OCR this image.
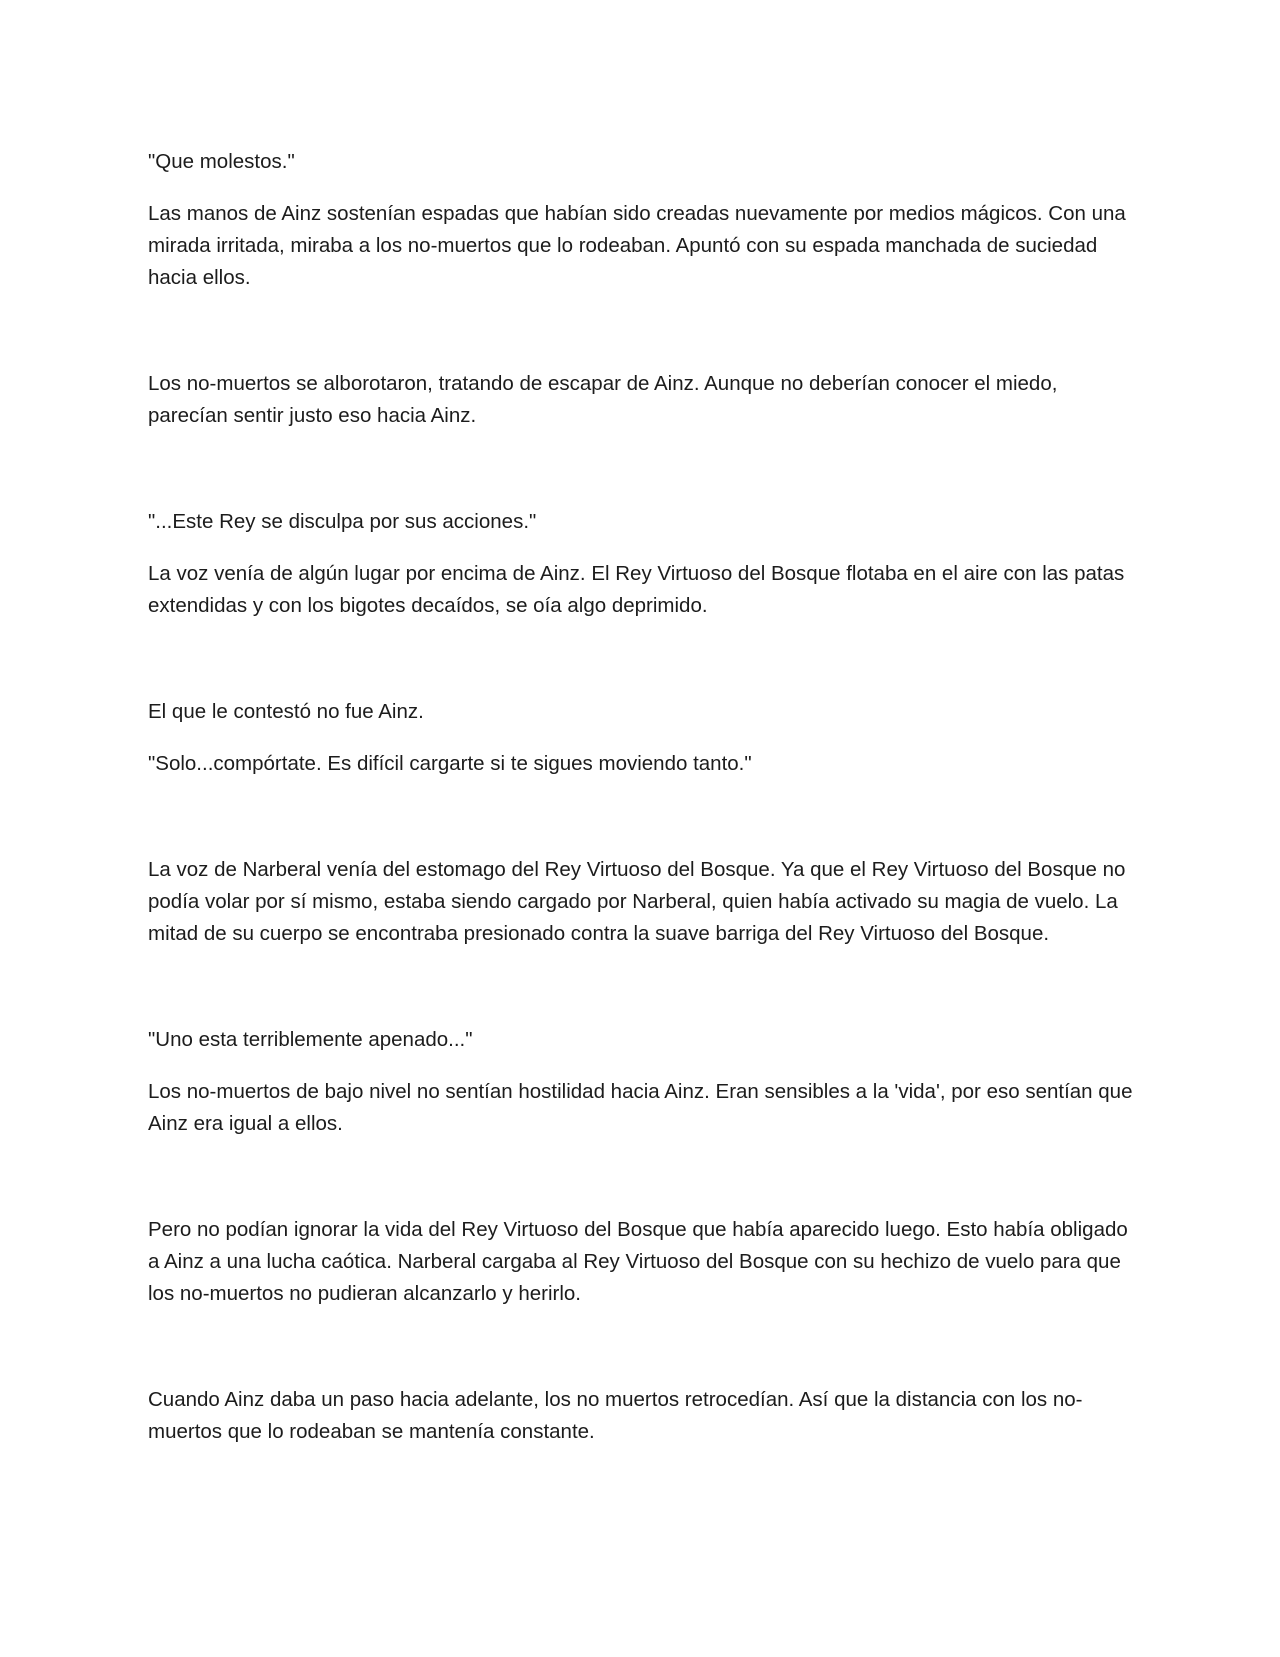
"Que molestos."

Las manos de Ainz sostenían espadas que habían sido creadas nuevamente por medios mágicos. Con una mirada irritada, miraba a los no-muertos que lo rodeaban. Apuntó con su espada manchada de suciedad hacia ellos.

Los no-muertos se alborotaron, tratando de escapar de Ainz. Aunque no deberían conocer el miedo, parecían sentir justo eso hacia Ainz.

"...Este Rey se disculpa por sus acciones."

La voz venía de algún lugar por encima de Ainz. El Rey Virtuoso del Bosque flotaba en el aire con las patas extendidas y con los bigotes decaídos, se oía algo deprimido.

El que le contestó no fue Ainz.

"Solo...compórtate. Es difícil cargarte si te sigues moviendo tanto."

La voz de Narberal venía del estomago del Rey Virtuoso del Bosque. Ya que el Rey Virtuoso del Bosque no podía volar por sí mismo, estaba siendo cargado por Narberal, quien había activado su magia de vuelo. La mitad de su cuerpo se encontraba presionado contra la suave barriga del Rey Virtuoso del Bosque.

"Uno esta terriblemente apenado..."

Los no-muertos de bajo nivel no sentían hostilidad hacia Ainz. Eran sensibles a la 'vida', por eso sentían que Ainz era igual a ellos.

Pero no podían ignorar la vida del Rey Virtuoso del Bosque que había aparecido luego. Esto había obligado a Ainz a una lucha caótica. Narberal cargaba al Rey Virtuoso del Bosque con su hechizo de vuelo para que los no-muertos no pudieran alcanzarlo y herirlo.

Cuando Ainz daba un paso hacia adelante, los no muertos retrocedían. Así que la distancia con los no-muertos que lo rodeaban se mantenía constante.
